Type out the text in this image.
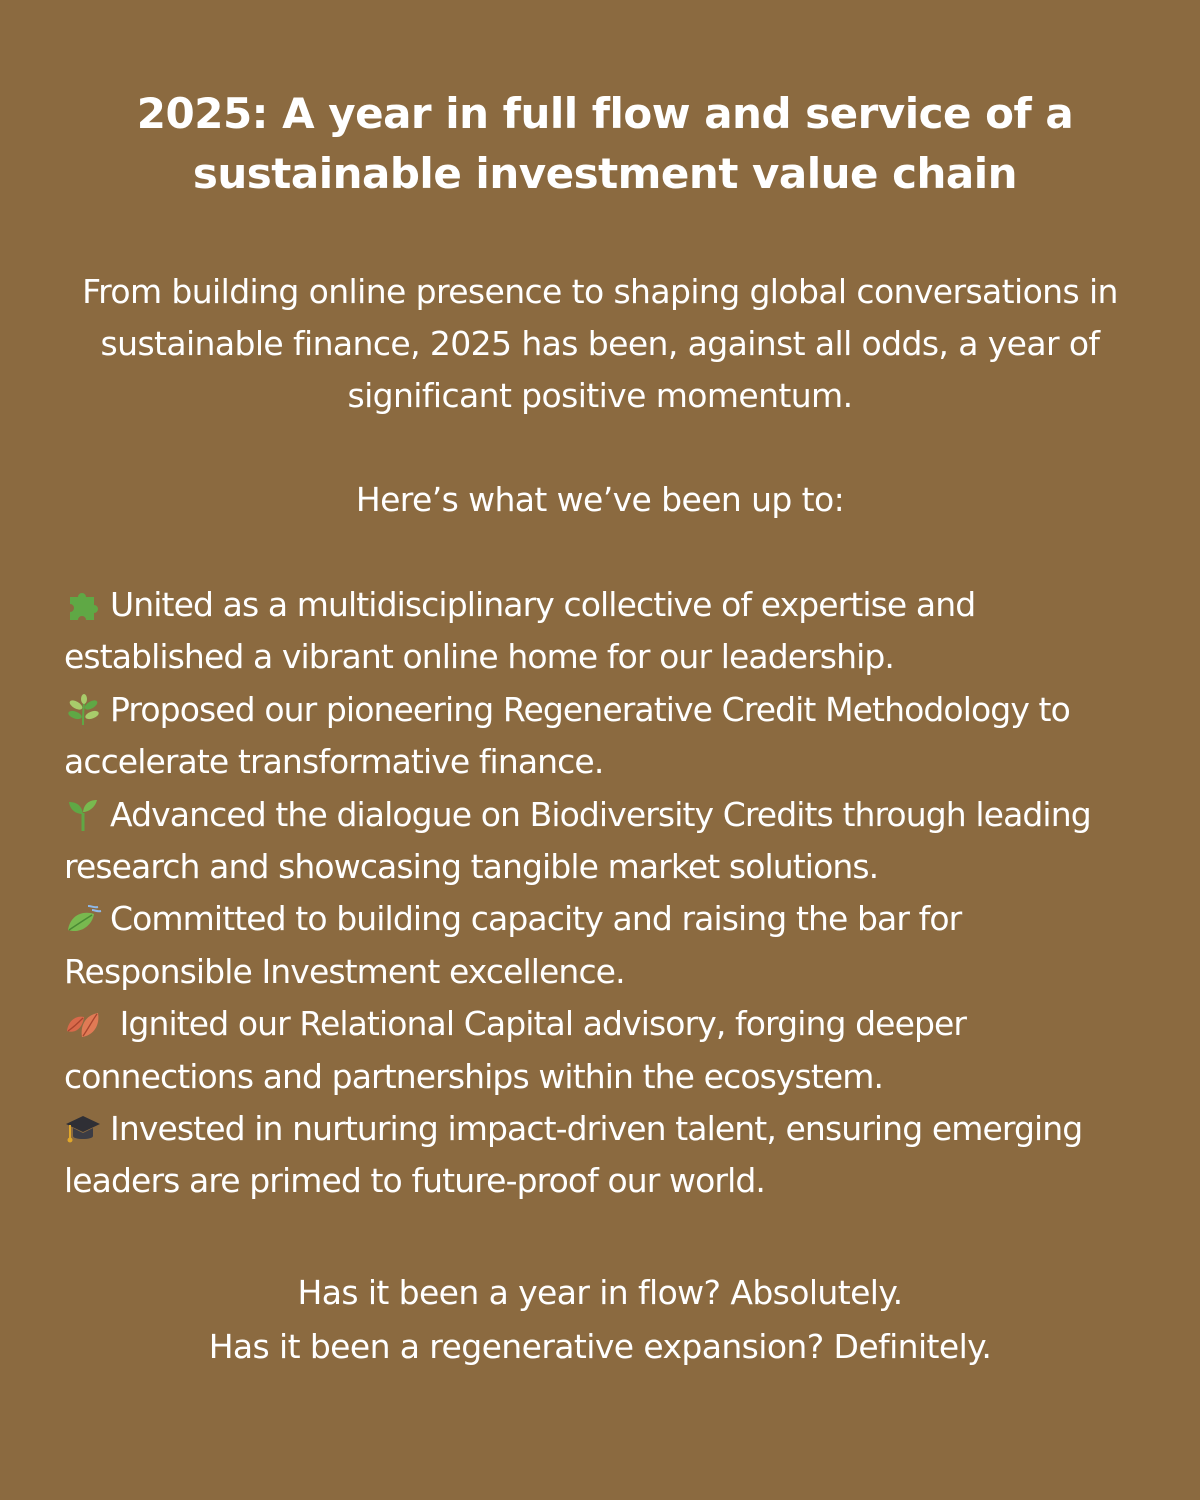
2025: A year in full flow and service of a sustainable investment value chain

From building online presence to shaping global conversations in sustainable finance, 2025 has been, against all odds, a year of significant positive momentum.

Here’s what we’ve been up to:

United as a multidisciplinary collective of expertise and established a vibrant online home for our leadership.
Proposed our pioneering Regenerative Credit Methodology to accelerate transformative finance.
Advanced the dialogue on Biodiversity Credits through leading research and showcasing tangible market solutions.
Committed to building capacity and raising the bar for Responsible Investment excellence.
Ignited our Relational Capital advisory, forging deeper connections and partnerships within the ecosystem.
Invested in nurturing impact-driven talent, ensuring emerging leaders are primed to future-proof our world.

Has it been a year in flow? Absolutely.
Has it been a regenerative expansion? Definitely.
